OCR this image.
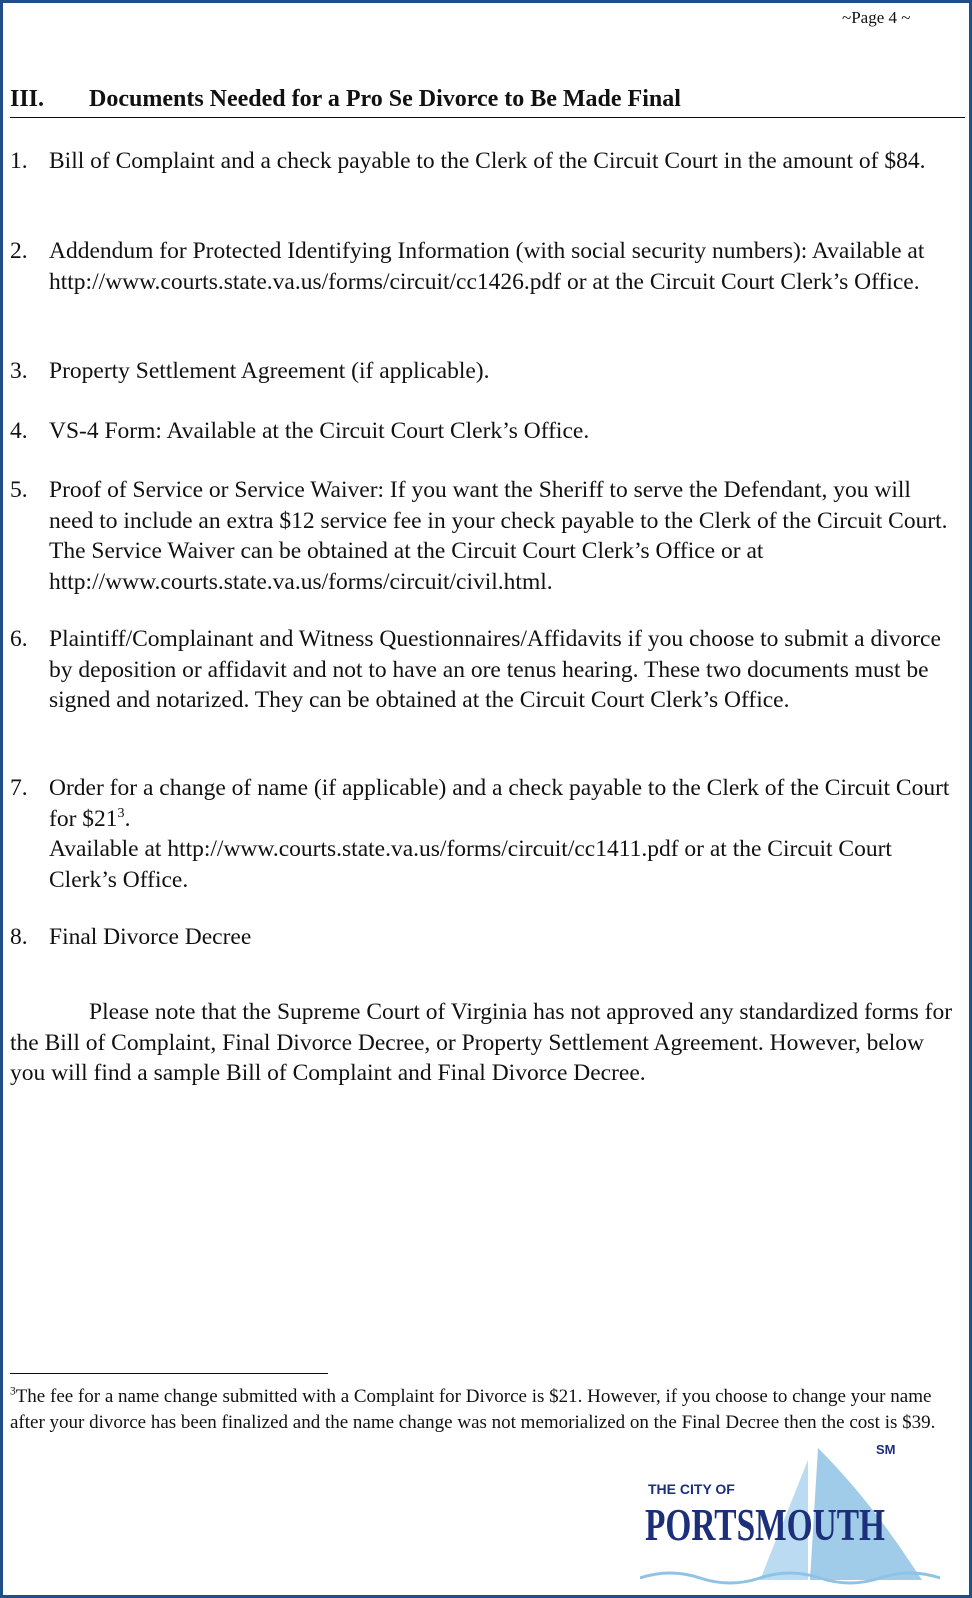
~Page 4 ~
III. Documents Needed for a Pro Se Divorce to Be Made Final
1. Bill of Complaint and a check payable to the Clerk of the Circuit Court in the amount of $84.
2. Addendum for Protected Identifying Information (with social security numbers): Available at http://www.courts.state.va.us/forms/circuit/cc1426.pdf or at the Circuit Court Clerk’s Office.
3. Property Settlement Agreement (if applicable).
4. VS-4 Form: Available at the Circuit Court Clerk’s Office.
5. Proof of Service or Service Waiver: If you want the Sheriff to serve the Defendant, you will need to include an extra $12 service fee in your check payable to the Clerk of the Circuit Court. The Service Waiver can be obtained at the Circuit Court Clerk’s Office or at http://www.courts.state.va.us/forms/circuit/civil.html.
6. Plaintiff/Complainant and Witness Questionnaires/Affidavits if you choose to submit a divorce by deposition or affidavit and not to have an ore tenus hearing. These two documents must be signed and notarized. They can be obtained at the Circuit Court Clerk’s Office.
7. Order for a change of name (if applicable) and a check payable to the Clerk of the Circuit Court for $\$21^3$.
Available at http://www.courts.state.va.us/forms/circuit/cc1411.pdf or at the Circuit Court Clerk’s Office.
8. Final Divorce Decree
Please note that the Supreme Court of Virginia has not approved any standardized forms for the Bill of Complaint, Final Divorce Decree, or Property Settlement Agreement. However, below you will find a sample Bill of Complaint and Final Divorce Decree.
$^3$The fee for a name change submitted with a Complaint for Divorce is $21. However, if you choose to change your name after your divorce has been finalized and the name change was not memorialized on the Final Decree then the cost is $39.
SM
THE CITY OF
PORTSMOUTH
